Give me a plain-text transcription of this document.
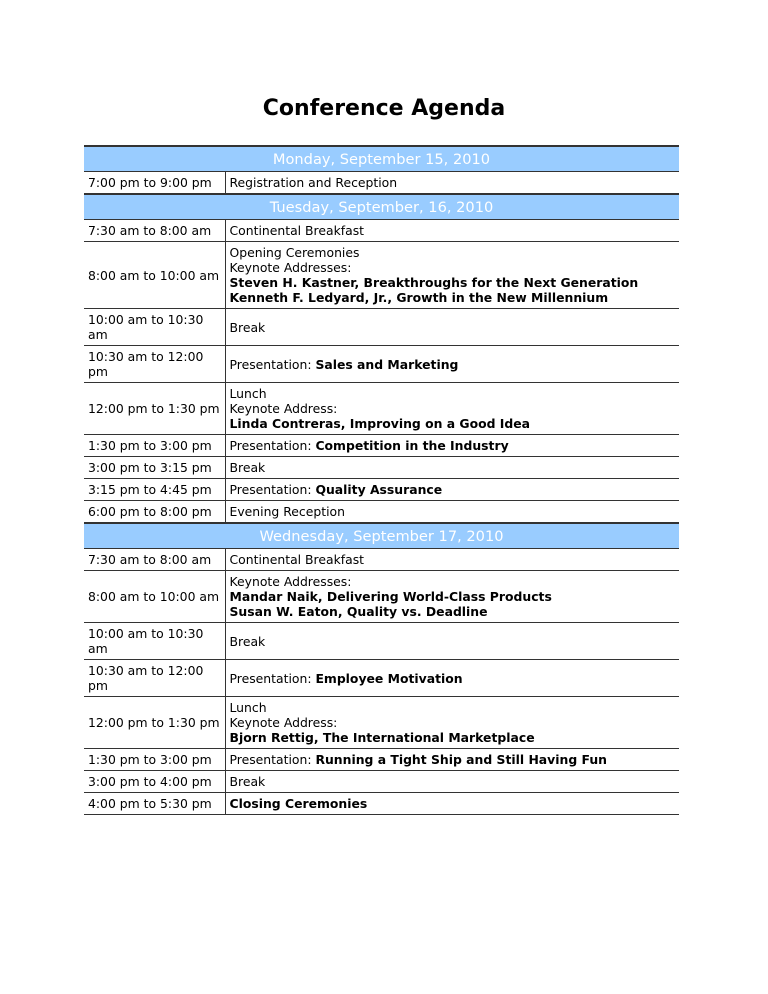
Conference Agenda
Monday, September 15, 2010	
7:00 pm to 9:00 pm	Registration and Reception

Tuesday, September, 16, 2010	
7:30 am to 8:00 am	Continental Breakfast

8:00 am to 10:00 am	Opening Ceremonies
Keynote Addresses:
Steven H. Kastner, Breakthroughs for the Next Generation
Kenneth F. Ledyard, Jr., Growth in the New Millennium

10:00 am to 10:30 am	Break

10:30 am to 12:00 pm	Presentation: Sales and Marketing

12:00 pm to 1:30 pm	Lunch
Keynote Address:
Linda Contreras, Improving on a Good Idea

1:30 pm to 3:00 pm	Presentation: Competition in the Industry

3:00 pm to 3:15 pm	Break

3:15 pm to 4:45 pm	Presentation: Quality Assurance

6:00 pm to 8:00 pm	Evening Reception

Wednesday, September 17, 2010	
7:30 am to 8:00 am	Continental Breakfast

8:00 am to 10:00 am	Keynote Addresses:
Mandar Naik, Delivering World-Class Products
Susan W. Eaton, Quality vs. Deadline

10:00 am to 10:30 am	Break

10:30 am to 12:00 pm	Presentation: Employee Motivation

12:00 pm to 1:30 pm	Lunch
Keynote Address:
Bjorn Rettig, The International Marketplace

1:30 pm to 3:00 pm	Presentation: Running a Tight Ship and Still Having Fun

3:00 pm to 4:00 pm	Break

4:00 pm to 5:30 pm	Closing Ceremonies
